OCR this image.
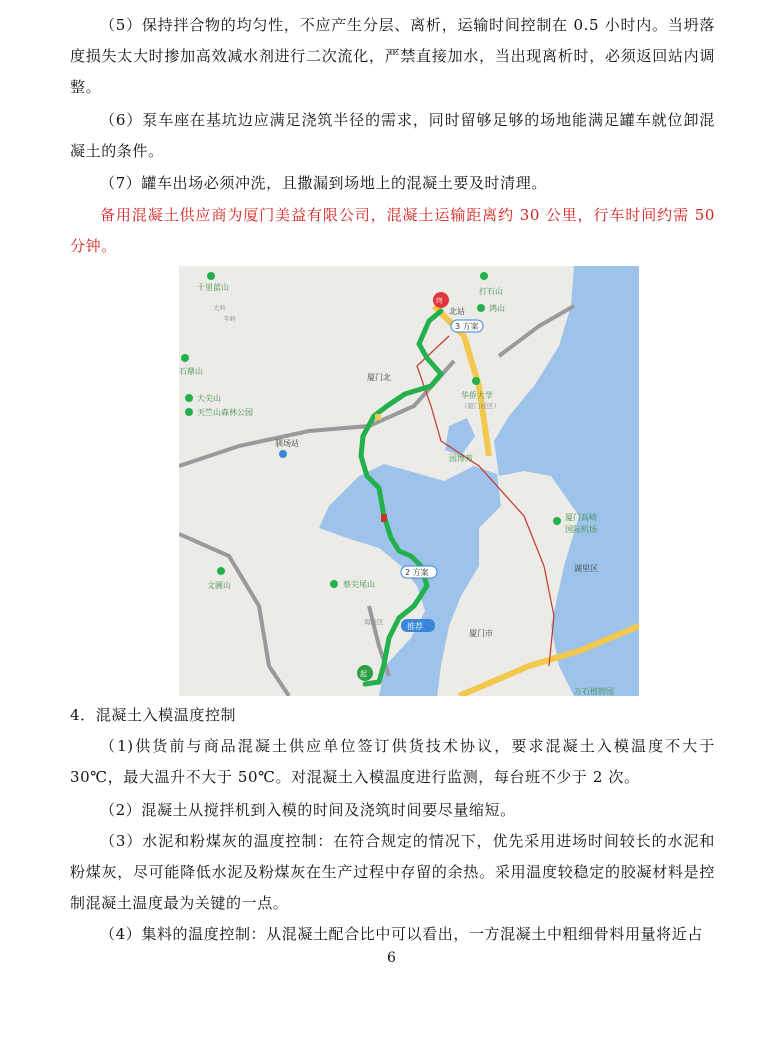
（5）保持拌合物的均匀性，不应产生分层、离析，运输时间控制在 0.5 小时内。当坍落度损失太大时掺加高效减水剂进行二次流化，严禁直接加水，当出现离析时，必须返回站内调整。
（6）泵车座在基坑边应满足浇筑半径的需求，同时留够足够的场地能满足罐车就位卸混凝土的条件。
（7）罐车出场必须冲洗，且撒漏到场地上的混凝土要及时清理。
备用混凝土供应商为厦门美益有限公司，混凝土运输距离约 30 公里，行车时间约需 50 分钟。
十里蓝山
大岭
平岭
石鼎山
大尖山
天竺山森林公园
驯场站
打石山
鸿山
北站
3 方案
厦门北
华侨大学
（厦门校区）
园博苑
厦门高崎
国际机场
湖里区
文圃山	蔡尖尾山
2 方案
海沧区	推荐
厦门市
万石植物园
终
起
4．混凝土入模温度控制
（1)供货前与商品混凝土供应单位签订供货技术协议，要求混凝土入模温度不大于 30℃，最大温升不大于 50℃。对混凝土入模温度进行监测，每台班不少于 2 次。
（2）混凝土从搅拌机到入模的时间及浇筑时间要尽量缩短。
（3）水泥和粉煤灰的温度控制：在符合规定的情况下，优先采用进场时间较长的水泥和粉煤灰，尽可能降低水泥及粉煤灰在生产过程中存留的余热。采用温度较稳定的胶凝材料是控制混凝土温度最为关键的一点。
（4）集料的温度控制：从混凝土配合比中可以看出，一方混凝土中粗细骨料用量将近占
6
